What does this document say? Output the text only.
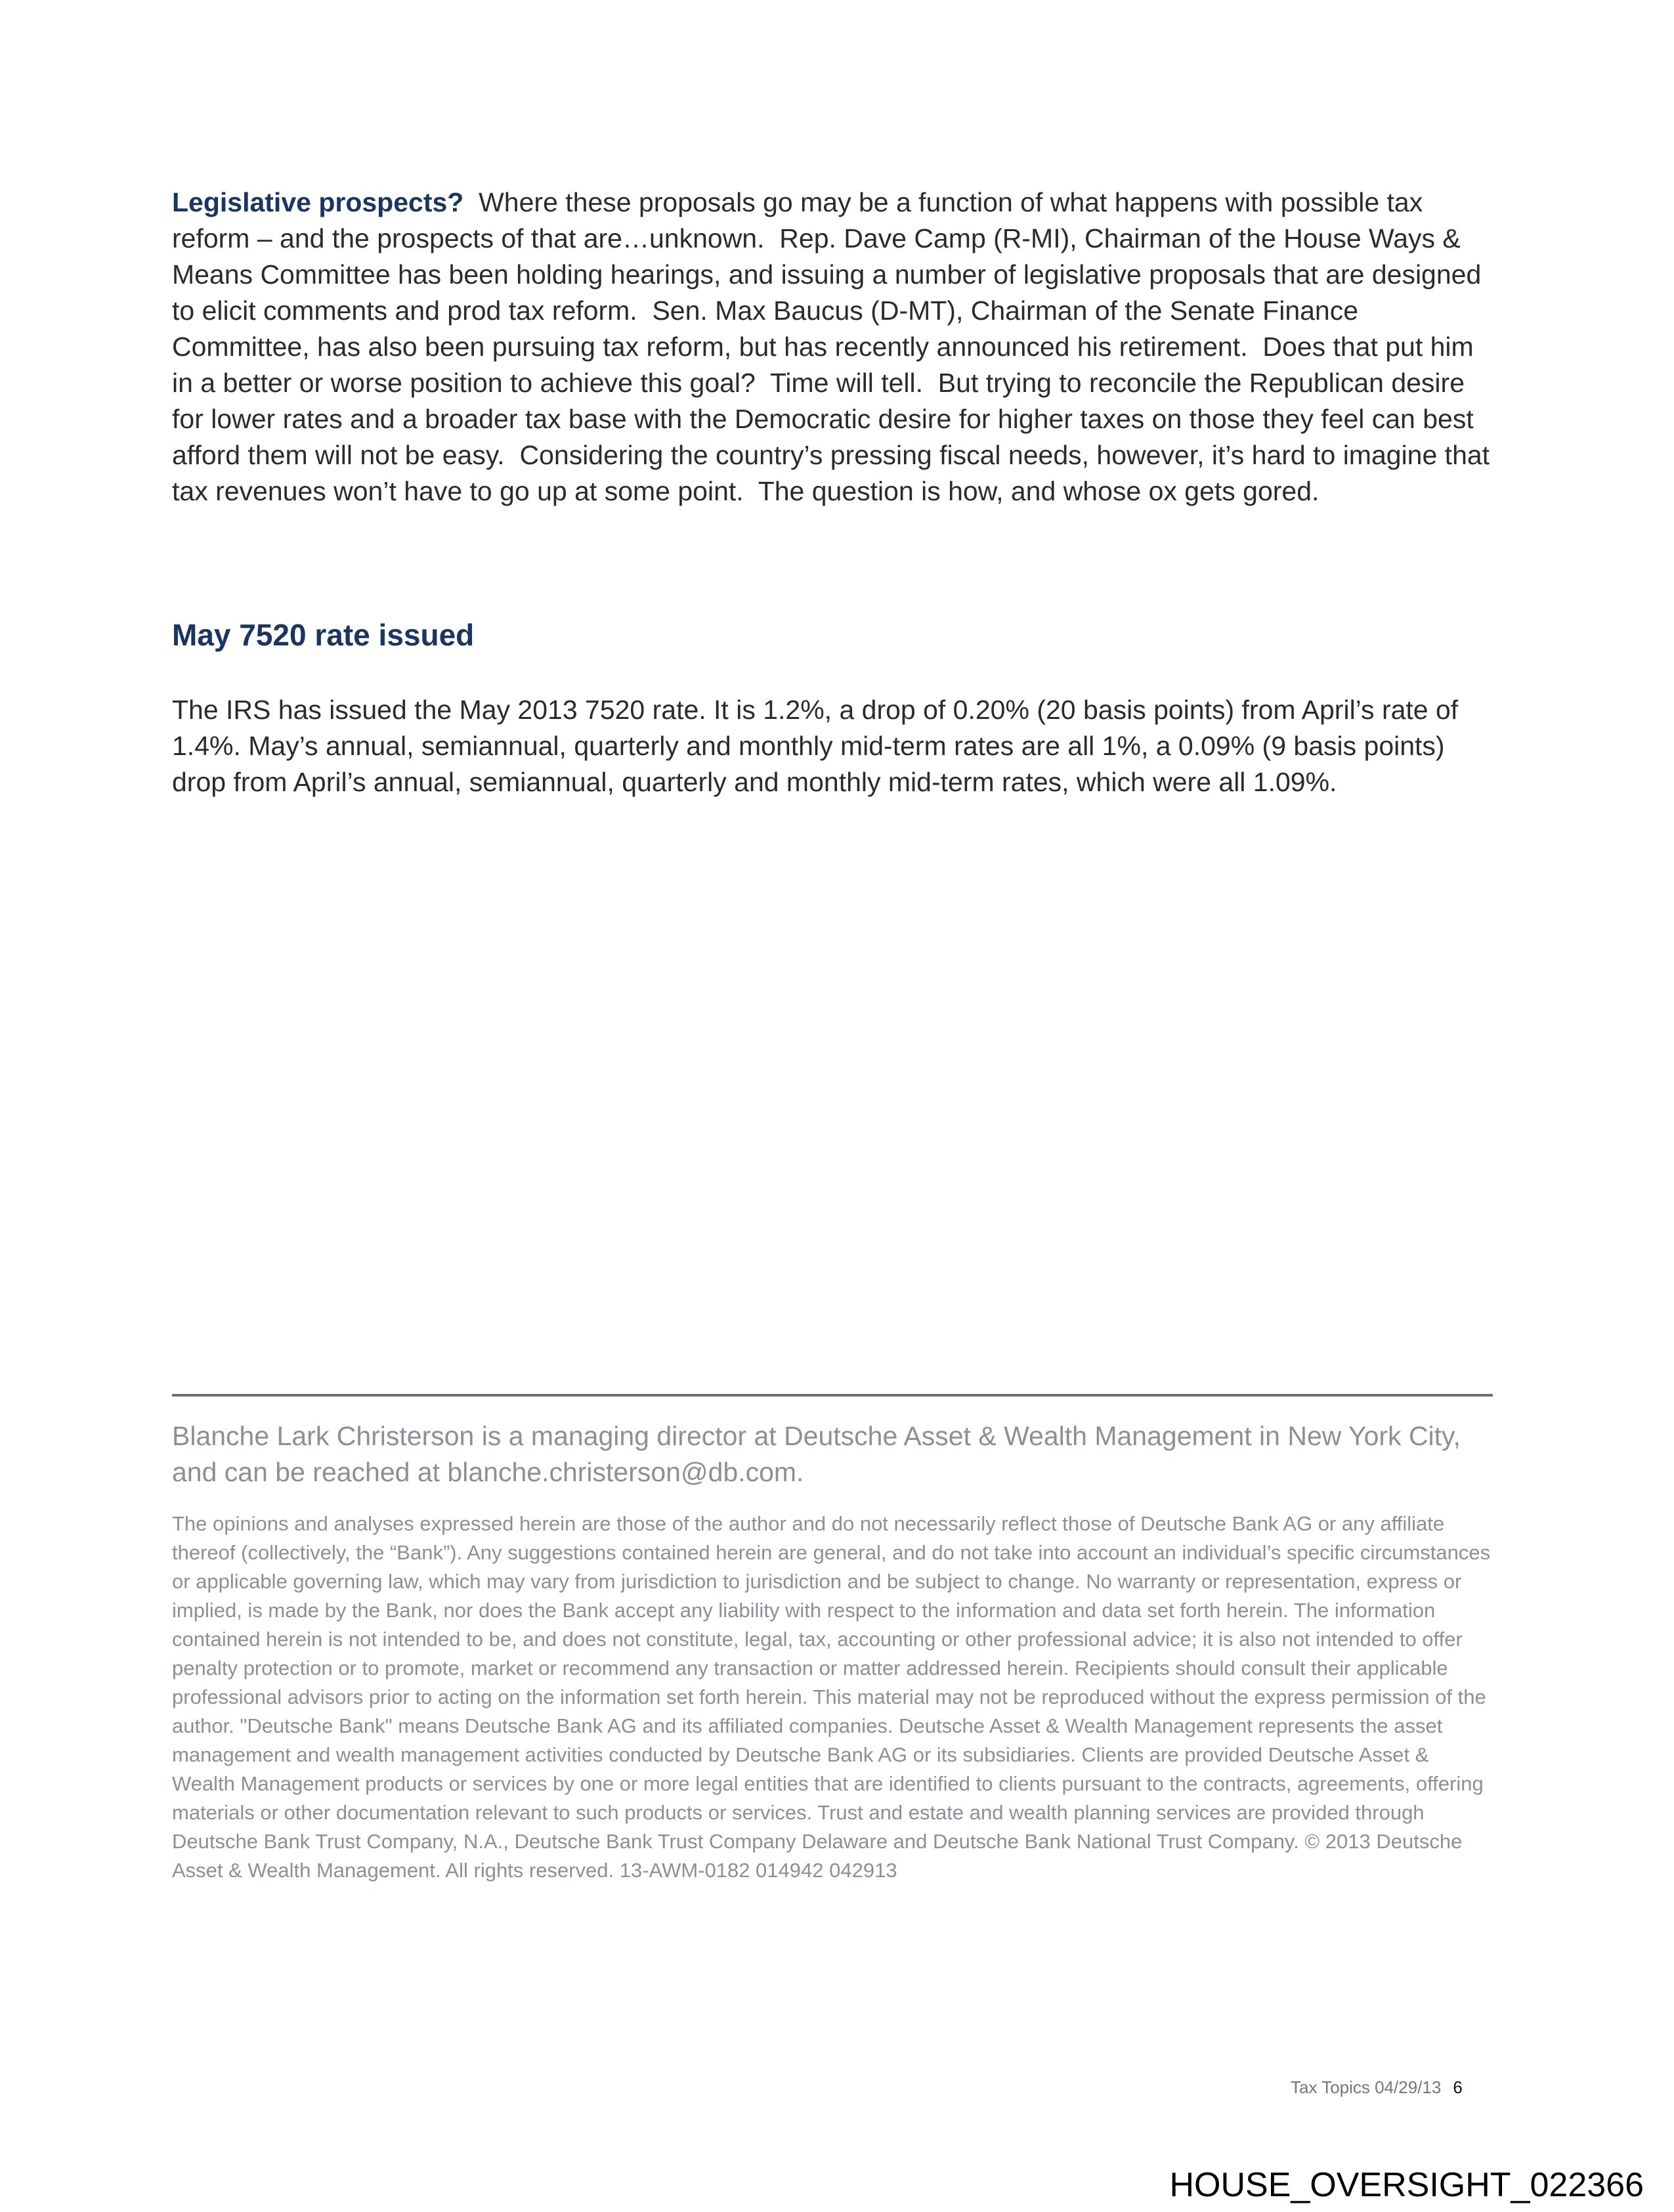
Legislative prospects?  Where these proposals go may be a function of what happens with possible tax reform – and the prospects of that are…unknown.  Rep. Dave Camp (R-MI), Chairman of the House Ways & Means Committee has been holding hearings, and issuing a number of legislative proposals that are designed to elicit comments and prod tax reform.  Sen. Max Baucus (D-MT), Chairman of the Senate Finance Committee, has also been pursuing tax reform, but has recently announced his retirement.  Does that put him in a better or worse position to achieve this goal?  Time will tell.  But trying to reconcile the Republican desire for lower rates and a broader tax base with the Democratic desire for higher taxes on those they feel can best afford them will not be easy.  Considering the country’s pressing fiscal needs, however, it’s hard to imagine that tax revenues won’t have to go up at some point.  The question is how, and whose ox gets gored.

May 7520 rate issued

The IRS has issued the May 2013 7520 rate. It is 1.2%, a drop of 0.20% (20 basis points) from April’s rate of 1.4%. May’s annual, semiannual, quarterly and monthly mid-term rates are all 1%, a 0.09% (9 basis points) drop from April’s annual, semiannual, quarterly and monthly mid-term rates, which were all 1.09%.

Blanche Lark Christerson is a managing director at Deutsche Asset & Wealth Management in New York City, and can be reached at blanche.christerson@db.com.

The opinions and analyses expressed herein are those of the author and do not necessarily reflect those of Deutsche Bank AG or any affiliate thereof (collectively, the “Bank”). Any suggestions contained herein are general, and do not take into account an individual’s specific circumstances or applicable governing law, which may vary from jurisdiction to jurisdiction and be subject to change. No warranty or representation, express or implied, is made by the Bank, nor does the Bank accept any liability with respect to the information and data set forth herein. The information contained herein is not intended to be, and does not constitute, legal, tax, accounting or other professional advice; it is also not intended to offer penalty protection or to promote, market or recommend any transaction or matter addressed herein. Recipients should consult their applicable professional advisors prior to acting on the information set forth herein. This material may not be reproduced without the express permission of the author. "Deutsche Bank" means Deutsche Bank AG and its affiliated companies. Deutsche Asset & Wealth Management represents the asset management and wealth management activities conducted by Deutsche Bank AG or its subsidiaries. Clients are provided Deutsche Asset & Wealth Management products or services by one or more legal entities that are identified to clients pursuant to the contracts, agreements, offering materials or other documentation relevant to such products or services. Trust and estate and wealth planning services are provided through Deutsche Bank Trust Company, N.A., Deutsche Bank Trust Company Delaware and Deutsche Bank National Trust Company. © 2013 Deutsche Asset & Wealth Management. All rights reserved. 13-AWM-0182 014942 042913

Tax Topics 04/29/13 6
HOUSE_OVERSIGHT_022366
